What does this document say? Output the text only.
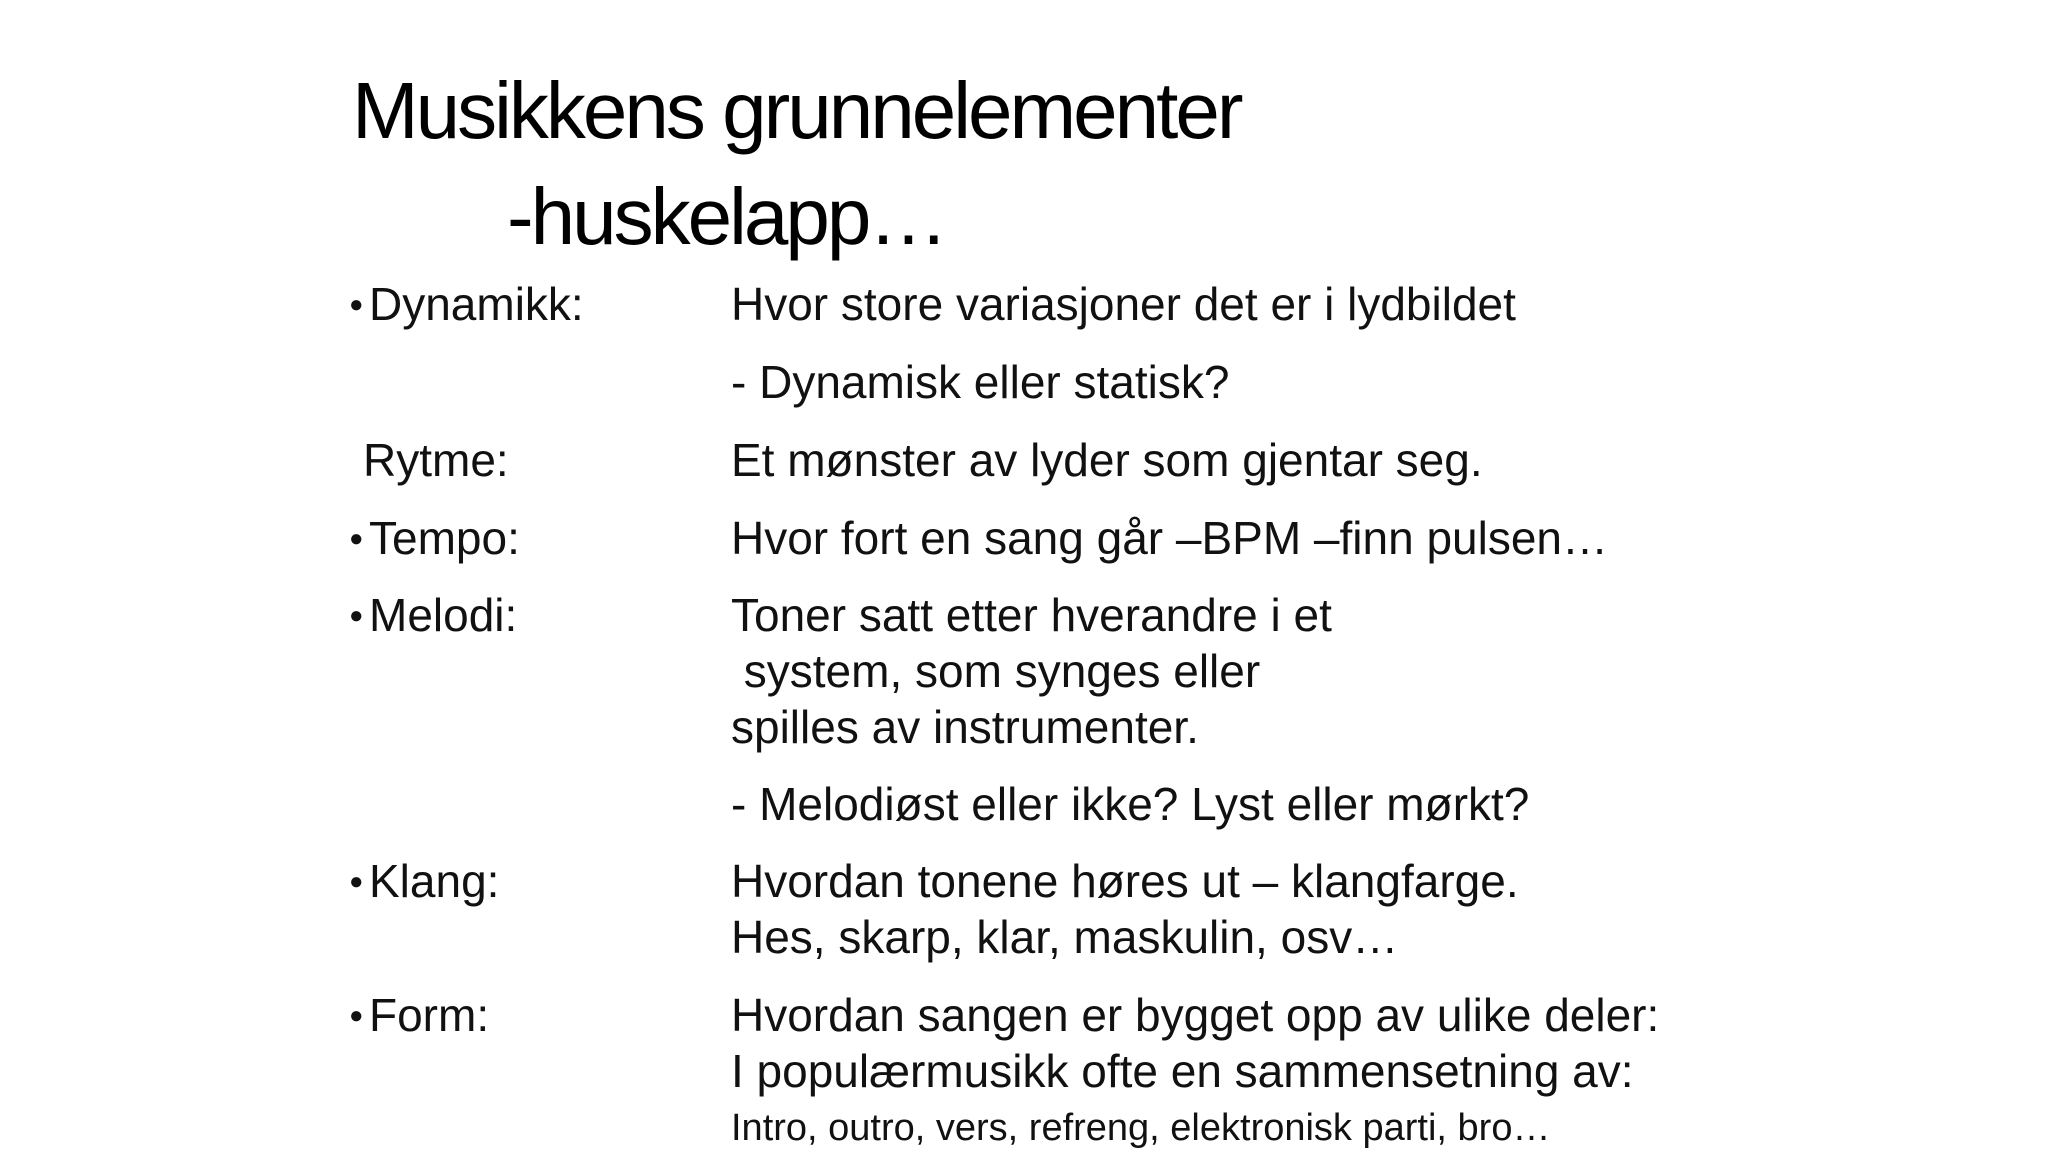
Musikkens grunnelementer
-huskelapp…
● Dynamikk:	Hvor store variasjoner det er i lydbildet
- Dynamisk eller statisk?
Rytme:	Et mønster av lyder som gjentar seg.
● Tempo:	Hvor fort en sang går –BPM –finn pulsen…
● Melodi:	Toner satt etter hverandre i et
system, som synges eller
spilles av instrumenter.
- Melodiøst eller ikke? Lyst eller mørkt?
● Klang:	Hvordan tonene høres ut – klangfarge.
Hes, skarp, klar, maskulin, osv…
● Form:	Hvordan sangen er bygget opp av ulike deler:
I populærmusikk ofte en sammensetning av:
Intro, outro, vers, refreng, elektronisk parti, bro…
